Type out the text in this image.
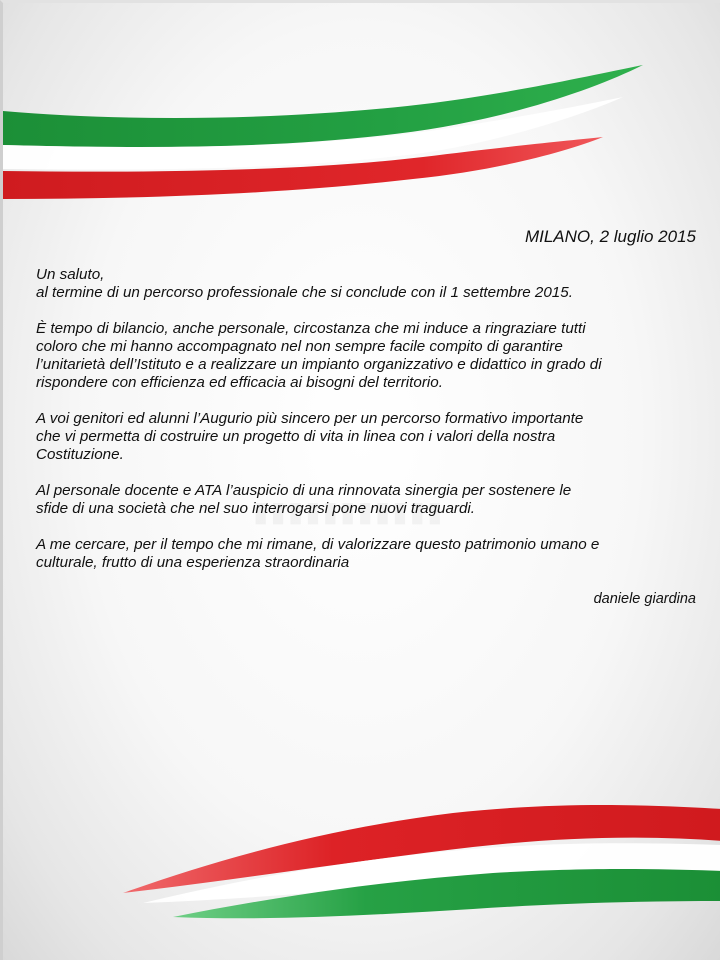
MILANO, 2 luglio 2015
Un saluto,
al termine di un percorso professionale che si conclude con il 1 settembre 2015.
È tempo di bilancio, anche personale, circostanza che mi induce a ringraziare tutti
coloro che mi hanno accompagnato nel non sempre facile compito di garantire
l’unitarietà dell’Istituto e a realizzare un impianto organizzativo e didattico in grado di
rispondere con efficienza ed efficacia ai bisogni del territorio.
A voi genitori ed alunni l’Augurio più sincero per un percorso formativo importante
che vi permetta di costruire un progetto di vita in linea con i valori della nostra
Costituzione.
Al personale docente e ATA l’auspicio di una rinnovata sinergia per sostenere le
sfide di una società che nel suo interrogarsi pone nuovi traguardi.
A me cercare, per il tempo che mi rimane, di valorizzare questo patrimonio umano e
culturale, frutto di una esperienza straordinaria
daniele giardina
